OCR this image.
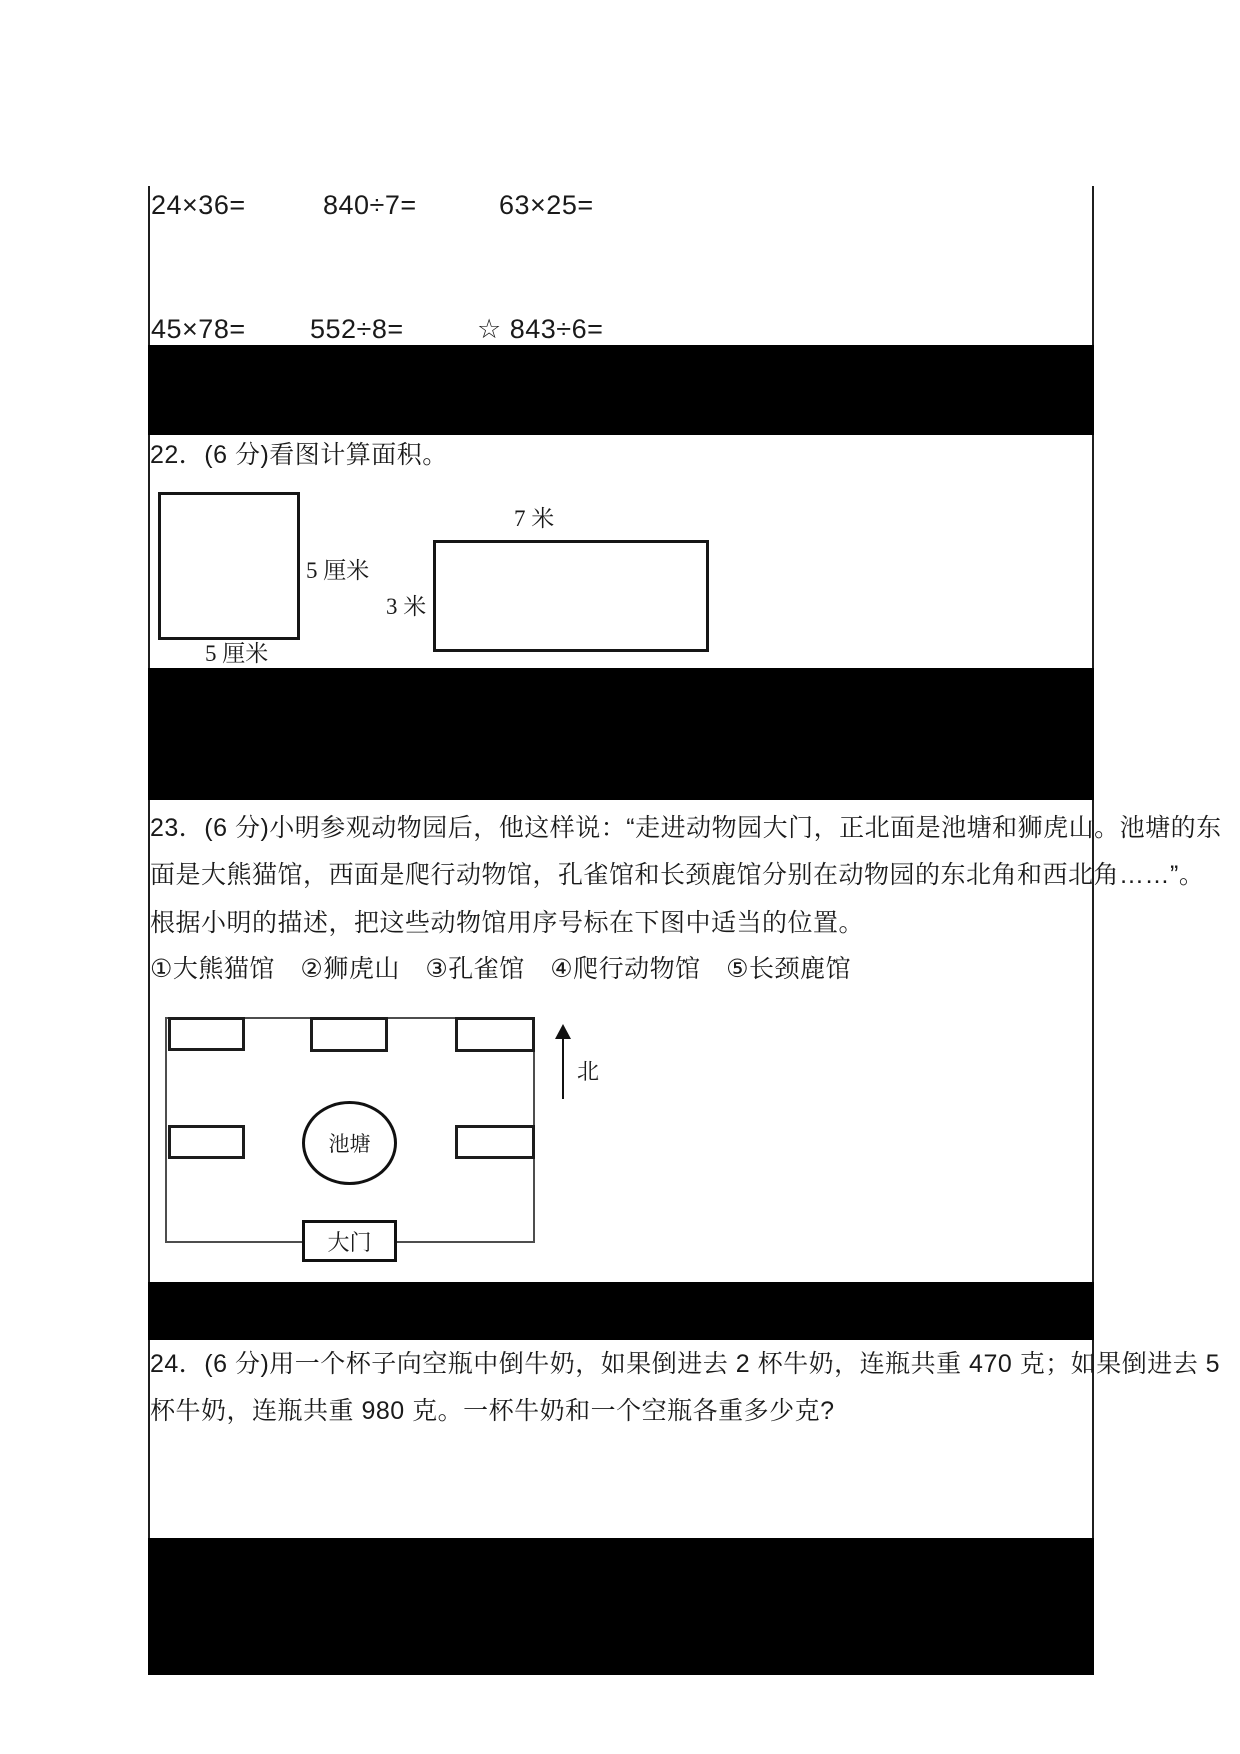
24×36=	840÷7=	63×25=
45×78= 552÷8=	☆ 843÷6=
22．(6 分)看图计算面积。
5 厘米
5 厘米
7 米
3 米
23．(6 分)小明参观动物园后，他这样说：“走进动物园大门，正北面是池塘和狮虎山。池塘的东
面是大熊猫馆，西面是爬行动物馆，孔雀馆和长颈鹿馆分别在动物园的东北角和西北角……”。
根据小明的描述，把这些动物馆用序号标在下图中适当的位置。
①大熊猫馆　②狮虎山　③孔雀馆　④爬行动物馆　⑤长颈鹿馆
池塘
大门
北
24．(6 分)用一个杯子向空瓶中倒牛奶，如果倒进去 2 杯牛奶，连瓶共重 470 克；如果倒进去 5
杯牛奶，连瓶共重 980 克。一杯牛奶和一个空瓶各重多少克?
